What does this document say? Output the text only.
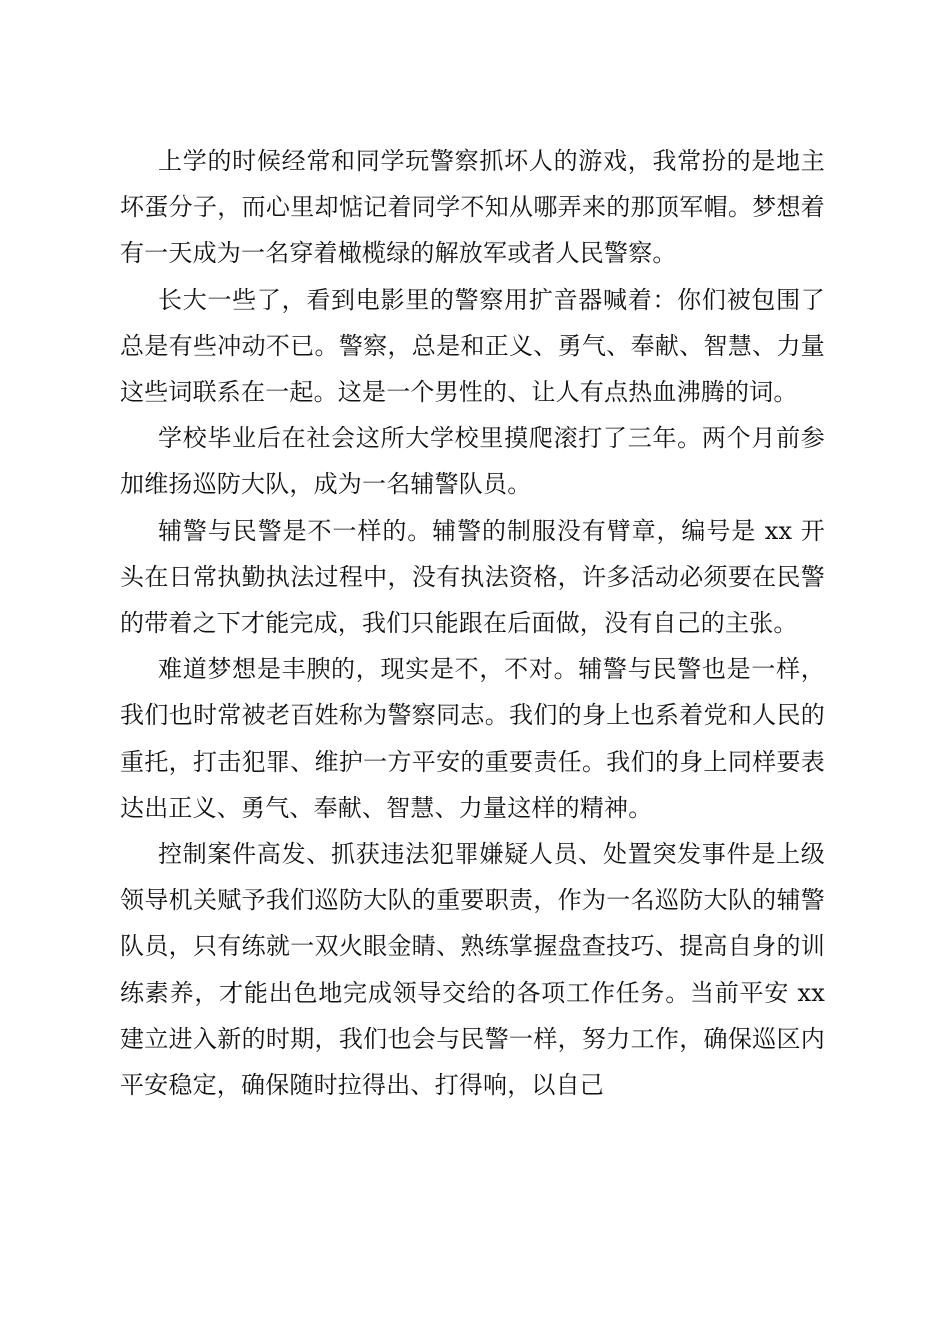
上学的时候经常和同学玩警察抓坏人的游戏，我常扮的是地主坏蛋分子，而心里却惦记着同学不知从哪弄来的那顶军帽。梦想着有一天成为一名穿着橄榄绿的解放军或者人民警察。

长大一些了，看到电影里的警察用扩音器喊着：你们被包围了总是有些冲动不已。警察，总是和正义、勇气、奉献、智慧、力量这些词联系在一起。这是一个男性的、让人有点热血沸腾的词。

学校毕业后在社会这所大学校里摸爬滚打了三年。两个月前参加维扬巡防大队，成为一名辅警队员。

辅警与民警是不一样的。辅警的制服没有臂章，编号是 xx 开头在日常执勤执法过程中，没有执法资格，许多活动必须要在民警的带着之下才能完成，我们只能跟在后面做，没有自己的主张。

难道梦想是丰腴的，现实是不，不对。辅警与民警也是一样，我们也时常被老百姓称为警察同志。我们的身上也系着党和人民的重托，打击犯罪、维护一方平安的重要责任。我们的身上同样要表达出正义、勇气、奉献、智慧、力量这样的精神。

控制案件高发、抓获违法犯罪嫌疑人员、处置突发事件是上级领导机关赋予我们巡防大队的重要职责，作为一名巡防大队的辅警队员，只有练就一双火眼金睛、熟练掌握盘查技巧、提高自身的训练素养，才能出色地完成领导交给的各项工作任务。当前平安 xx 建立进入新的时期，我们也会与民警一样，努力工作，确保巡区内平安稳定，确保随时拉得出、打得响，以自己
